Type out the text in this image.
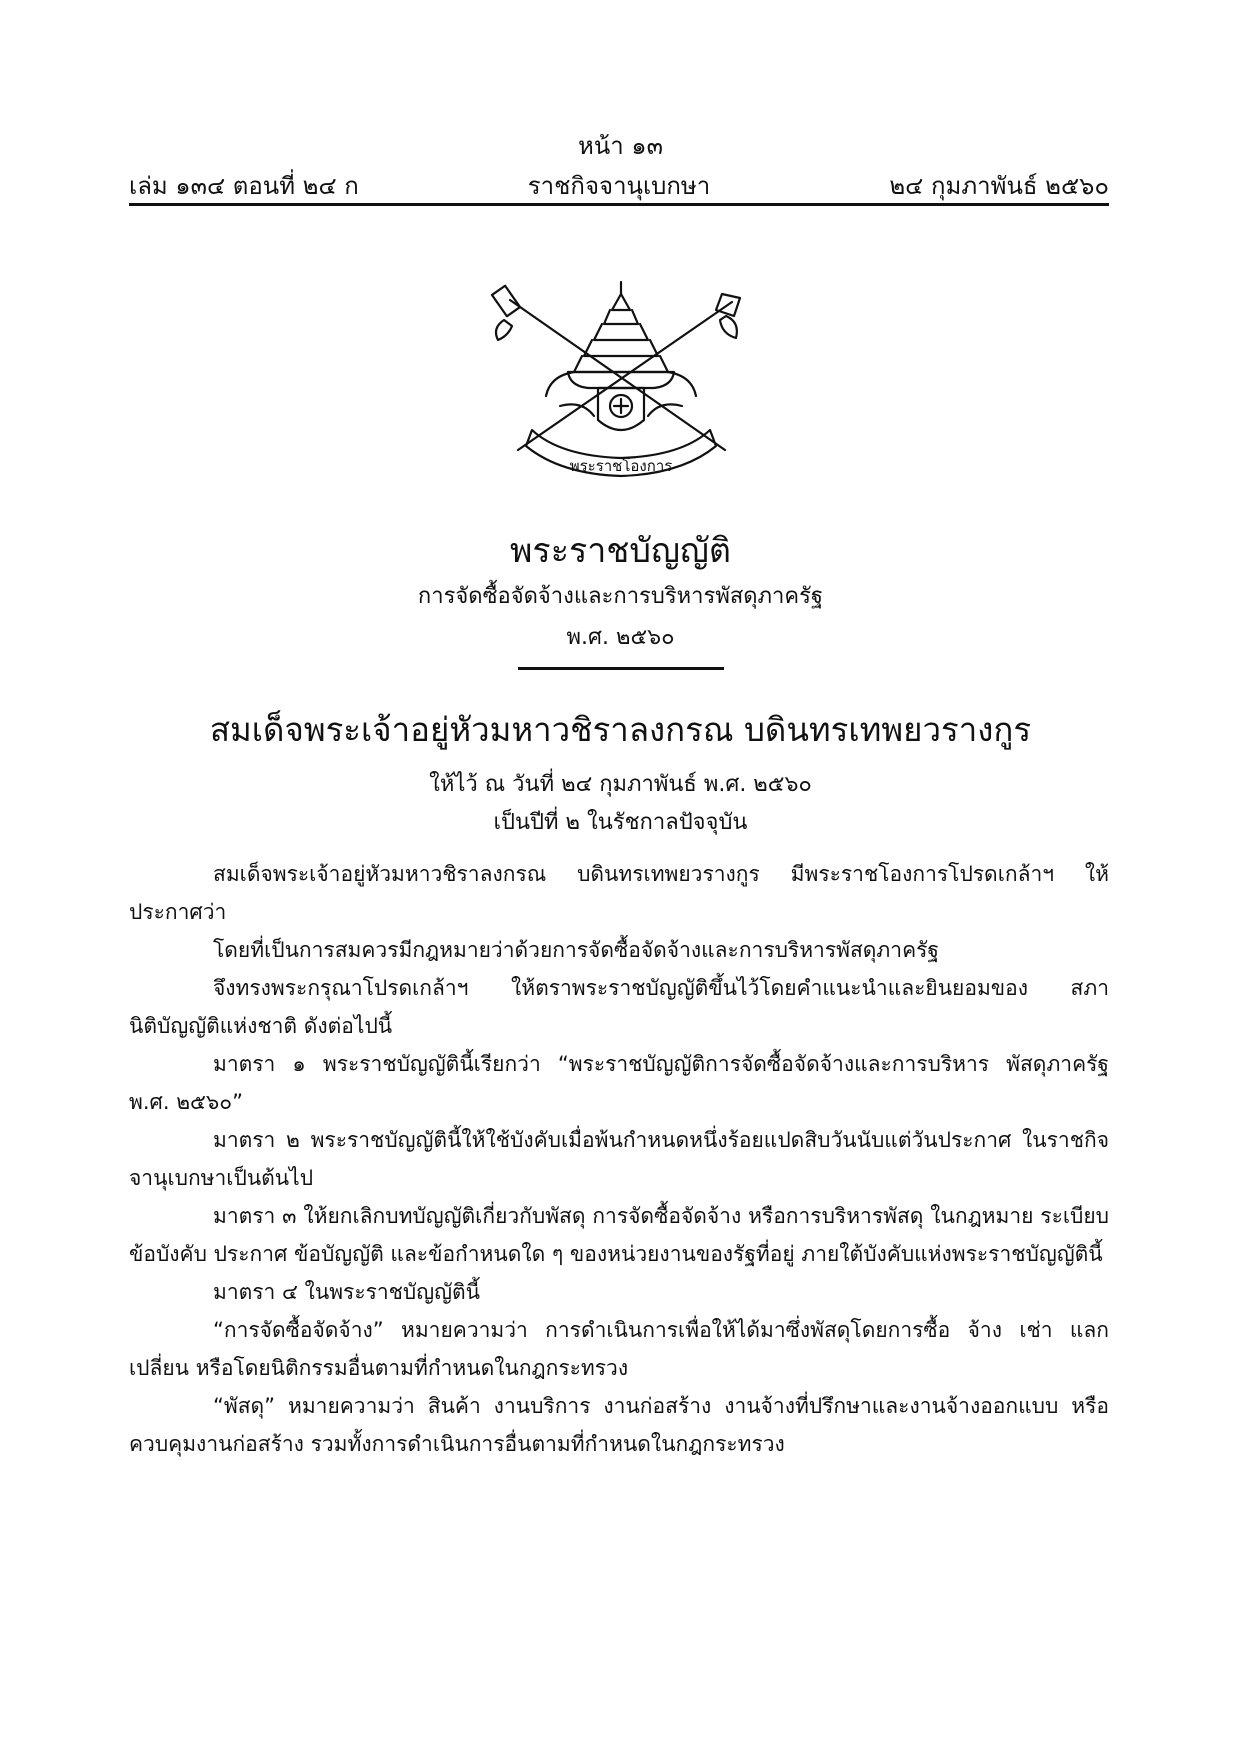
หน้า ๑๓
เล่ม ๑๓๔ ตอนที่ ๒๔ ก	ราชกิจจานุเบกษา	๒๔ กุมภาพันธ์ ๒๕๖๐
พระราชโองการ
พระราชบัญญัติ
การจัดซื้อจัดจ้างและการบริหารพัสดุภาครัฐ
พ.ศ. ๒๕๖๐
สมเด็จพระเจ้าอยู่หัวมหาวชิราลงกรณ บดินทรเทพยวรางกูร
ให้ไว้ ณ วันที่ ๒๔ กุมภาพันธ์ พ.ศ. ๒๕๖๐
เป็นปีที่ ๒ ในรัชกาลปัจจุบัน

สมเด็จพระเจ้าอยู่หัวมหาวชิราลงกรณ บดินทรเทพยวรางกูร มีพระราชโองการโปรดเกล้าฯ ให้ประกาศว่า

โดยที่เป็นการสมควรมีกฎหมายว่าด้วยการจัดซื้อจัดจ้างและการบริหารพัสดุภาครัฐ

จึงทรงพระกรุณาโปรดเกล้าฯ ให้ตราพระราชบัญญัติขึ้นไว้โดยคำแนะนำและยินยอมของ สภานิติบัญญัติแห่งชาติ ดังต่อไปนี้

มาตรา ๑ พระราชบัญญัตินี้เรียกว่า “พระราชบัญญัติการจัดซื้อจัดจ้างและการบริหาร พัสดุภาครัฐ พ.ศ. ๒๕๖๐”

มาตรา ๒ พระราชบัญญัตินี้ให้ใช้บังคับเมื่อพ้นกำหนดหนึ่งร้อยแปดสิบวันนับแต่วันประกาศ ในราชกิจจานุเบกษาเป็นต้นไป

มาตรา ๓ ให้ยกเลิกบทบัญญัติเกี่ยวกับพัสดุ การจัดซื้อจัดจ้าง หรือการบริหารพัสดุ ในกฎหมาย ระเบียบ ข้อบังคับ ประกาศ ข้อบัญญัติ และข้อกำหนดใด ๆ ของหน่วยงานของรัฐที่อยู่ ภายใต้บังคับแห่งพระราชบัญญัตินี้

มาตรา ๔ ในพระราชบัญญัตินี้

“การจัดซื้อจัดจ้าง” หมายความว่า การดำเนินการเพื่อให้ได้มาซึ่งพัสดุโดยการซื้อ จ้าง เช่า แลกเปลี่ยน หรือโดยนิติกรรมอื่นตามที่กำหนดในกฎกระทรวง

“พัสดุ” หมายความว่า สินค้า งานบริการ งานก่อสร้าง งานจ้างที่ปรึกษาและงานจ้างออกแบบ หรือควบคุมงานก่อสร้าง รวมทั้งการดำเนินการอื่นตามที่กำหนดในกฎกระทรวง
